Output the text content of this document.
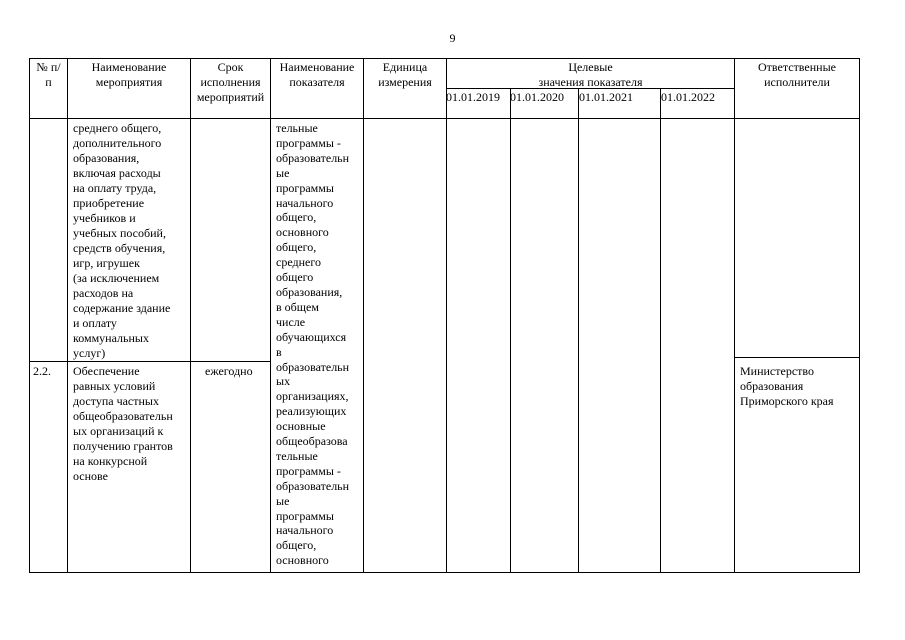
9
№ п/
п
Наименование
мероприятия
Срок
исполнения
мероприятий
Наименование
показателя
Единица
измерения
Целевые
значения показателя
Ответственные
исполнители
01.01.2019 01.01.2020 01.01.2021 01.01.2022
среднего общего,
дополнительного
образования,
включая расходы
на оплату труда,
приобретение
учебников и
учебных пособий,
средств обучения,
игр, игрушек
(за исключением
расходов на
содержание здание
и оплату
коммунальных
услуг)
2.2. Обеспечение
равных условий
доступа частных
общеобразовательн
ых организаций к
получению грантов
на конкурсной
основе
ежегодно	Министерство
образования
Приморского края
тельные
программы -
образовательн
ые
программы
начального
общего,
основного
общего,
среднего
общего
образования,
в общем
числе
обучающихся
в
образовательн
ых
организациях,
реализующих
основные
общеобразова
тельные
программы -
образовательн
ые
программы
начального
общего,
основного
